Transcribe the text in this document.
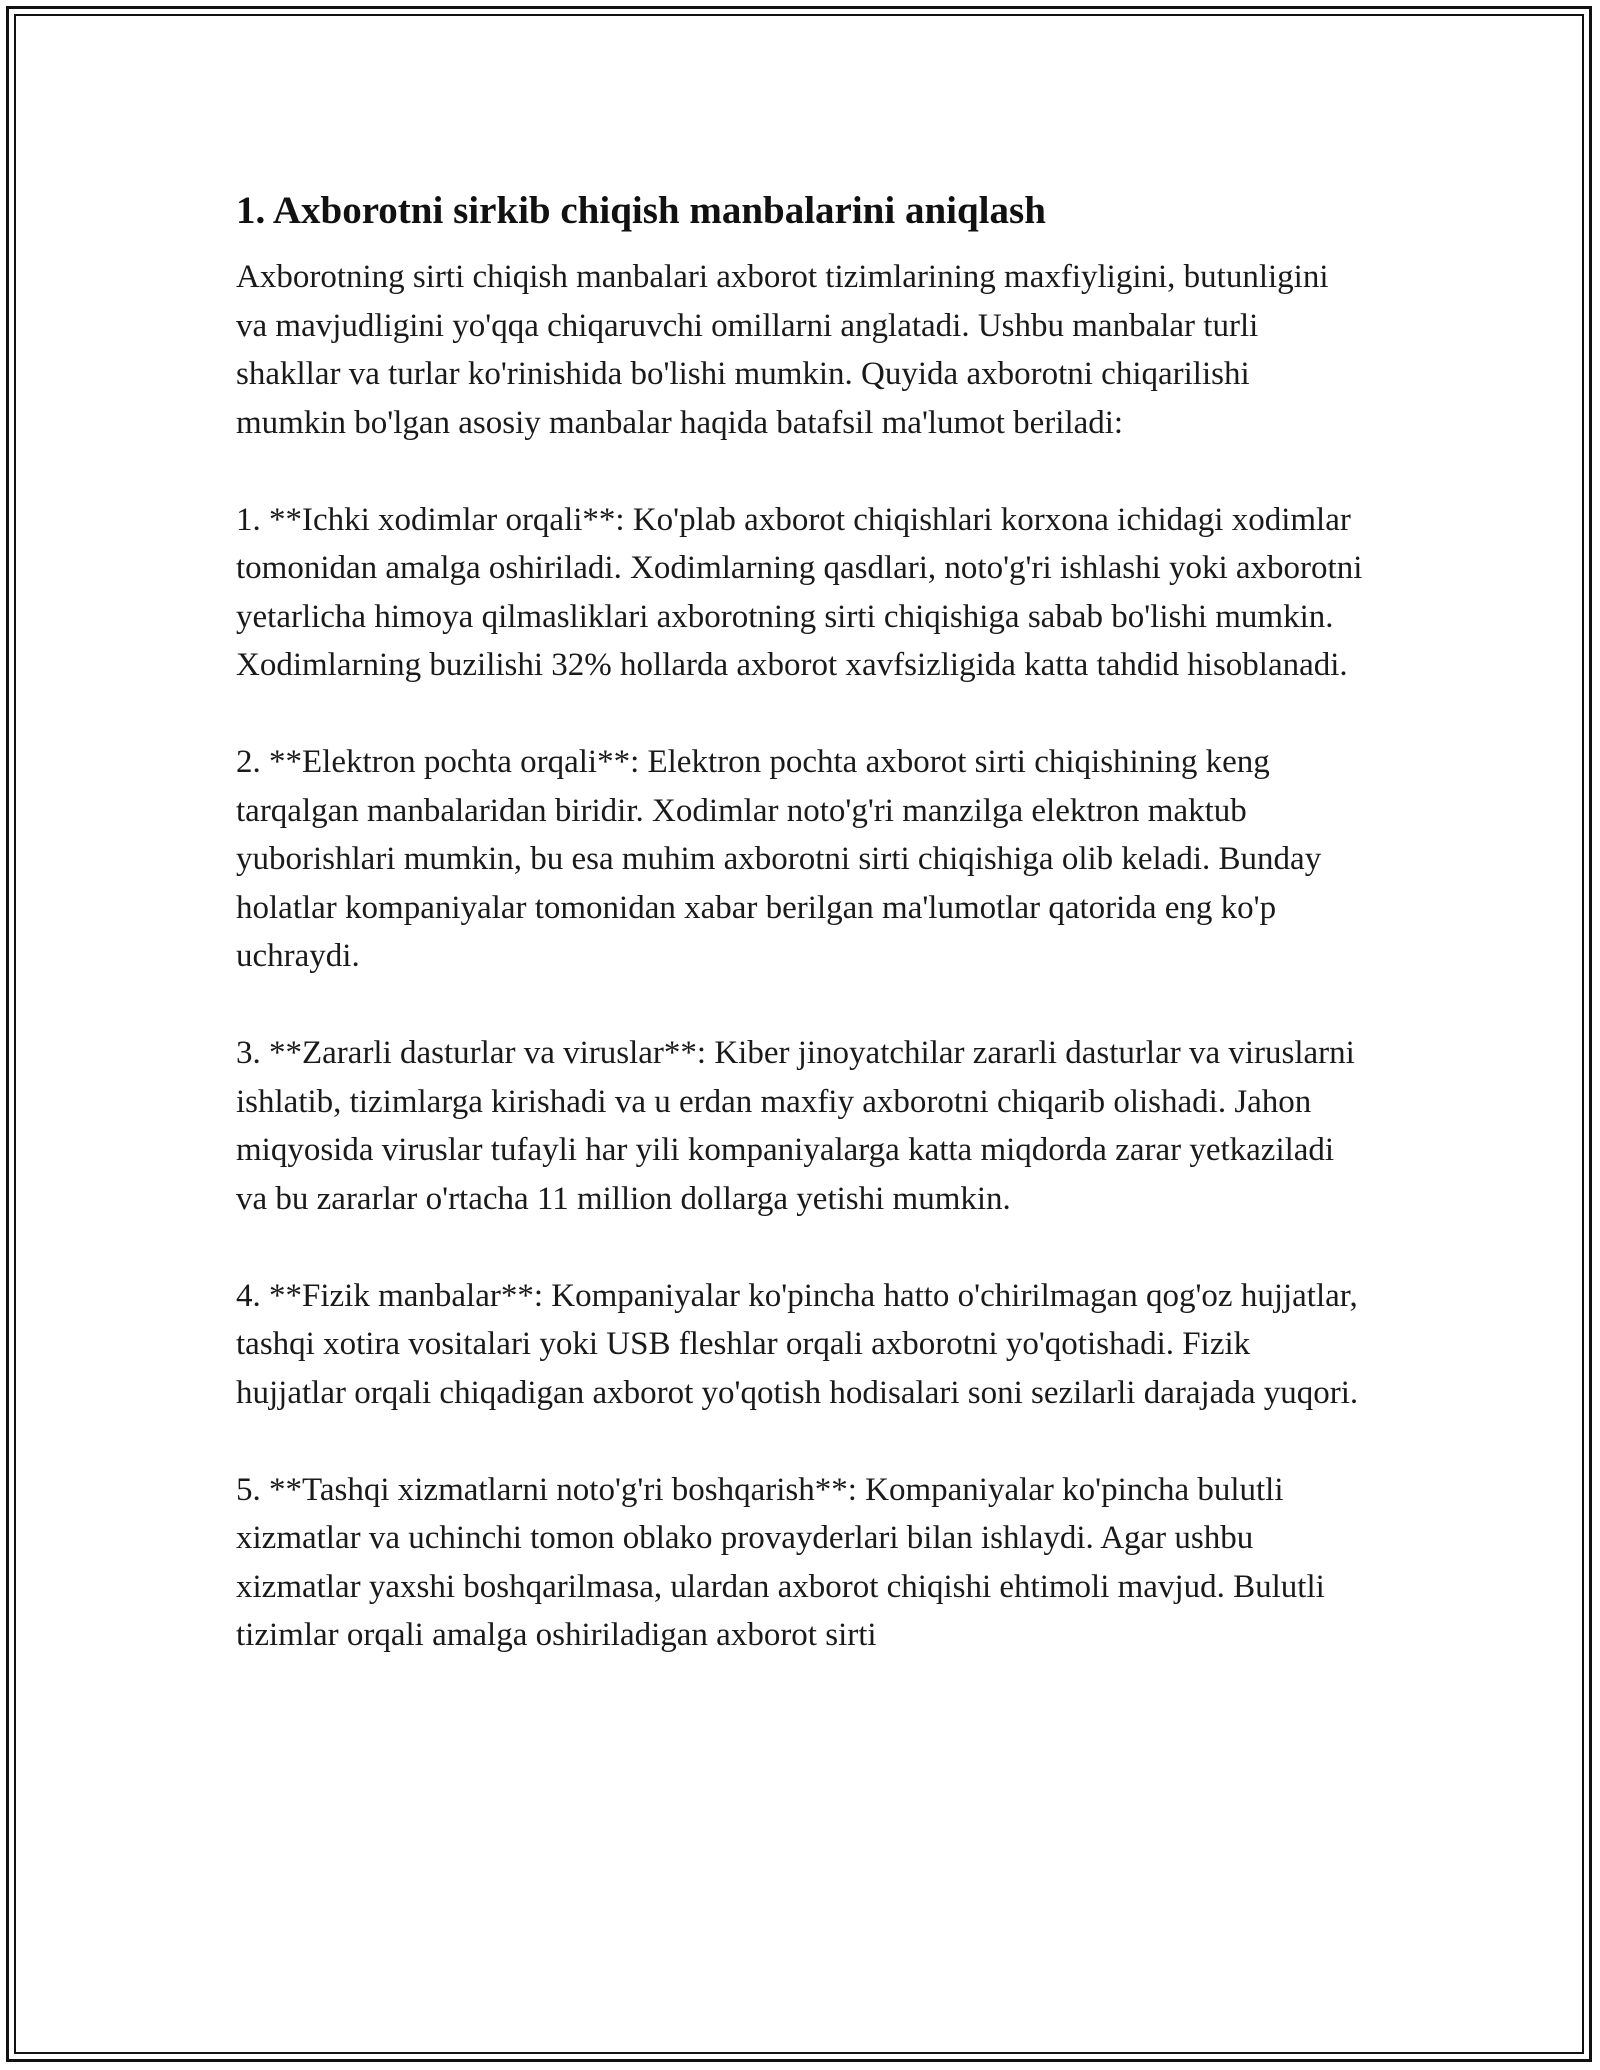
1. Axborotni sirkib chiqish manbalarini aniqlash

Axborotning sirti chiqish manbalari axborot tizimlarining maxfiyligini, butunligini va mavjudligini yo'qqa chiqaruvchi omillarni anglatadi. Ushbu manbalar turli shakllar va turlar ko'rinishida bo'lishi mumkin. Quyida axborotni chiqarilishi mumkin bo'lgan asosiy manbalar haqida batafsil ma'lumot beriladi:

1. **Ichki xodimlar orqali**: Ko'plab axborot chiqishlari korxona ichidagi xodimlar tomonidan amalga oshiriladi. Xodimlarning qasdlari, noto'g'ri ishlashi yoki axborotni yetarlicha himoya qilmasliklari axborotning sirti chiqishiga sabab bo'lishi mumkin. Xodimlarning buzilishi 32% hollarda axborot xavfsizligida katta tahdid hisoblanadi.

2. **Elektron pochta orqali**: Elektron pochta axborot sirti chiqishining keng tarqalgan manbalaridan biridir. Xodimlar noto'g'ri manzilga elektron maktub yuborishlari mumkin, bu esa muhim axborotni sirti chiqishiga olib keladi. Bunday holatlar kompaniyalar tomonidan xabar berilgan ma'lumotlar qatorida eng ko'p uchraydi.

3. **Zararli dasturlar va viruslar**: Kiber jinoyatchilar zararli dasturlar va viruslarni ishlatib, tizimlarga kirishadi va u erdan maxfiy axborotni chiqarib olishadi. Jahon miqyosida viruslar tufayli har yili kompaniyalarga katta miqdorda zarar yetkaziladi va bu zararlar o'rtacha 11 million dollarga yetishi mumkin.

4. **Fizik manbalar**: Kompaniyalar ko'pincha hatto o'chirilmagan qog'oz hujjatlar, tashqi xotira vositalari yoki USB fleshlar orqali axborotni yo'qotishadi. Fizik hujjatlar orqali chiqadigan axborot yo'qotish hodisalari soni sezilarli darajada yuqori.

5. **Tashqi xizmatlarni noto'g'ri boshqarish**: Kompaniyalar ko'pincha bulutli xizmatlar va uchinchi tomon oblako provayderlari bilan ishlaydi. Agar ushbu xizmatlar yaxshi boshqarilmasa, ulardan axborot chiqishi ehtimoli mavjud. Bulutli tizimlar orqali amalga oshiriladigan axborot sirti
